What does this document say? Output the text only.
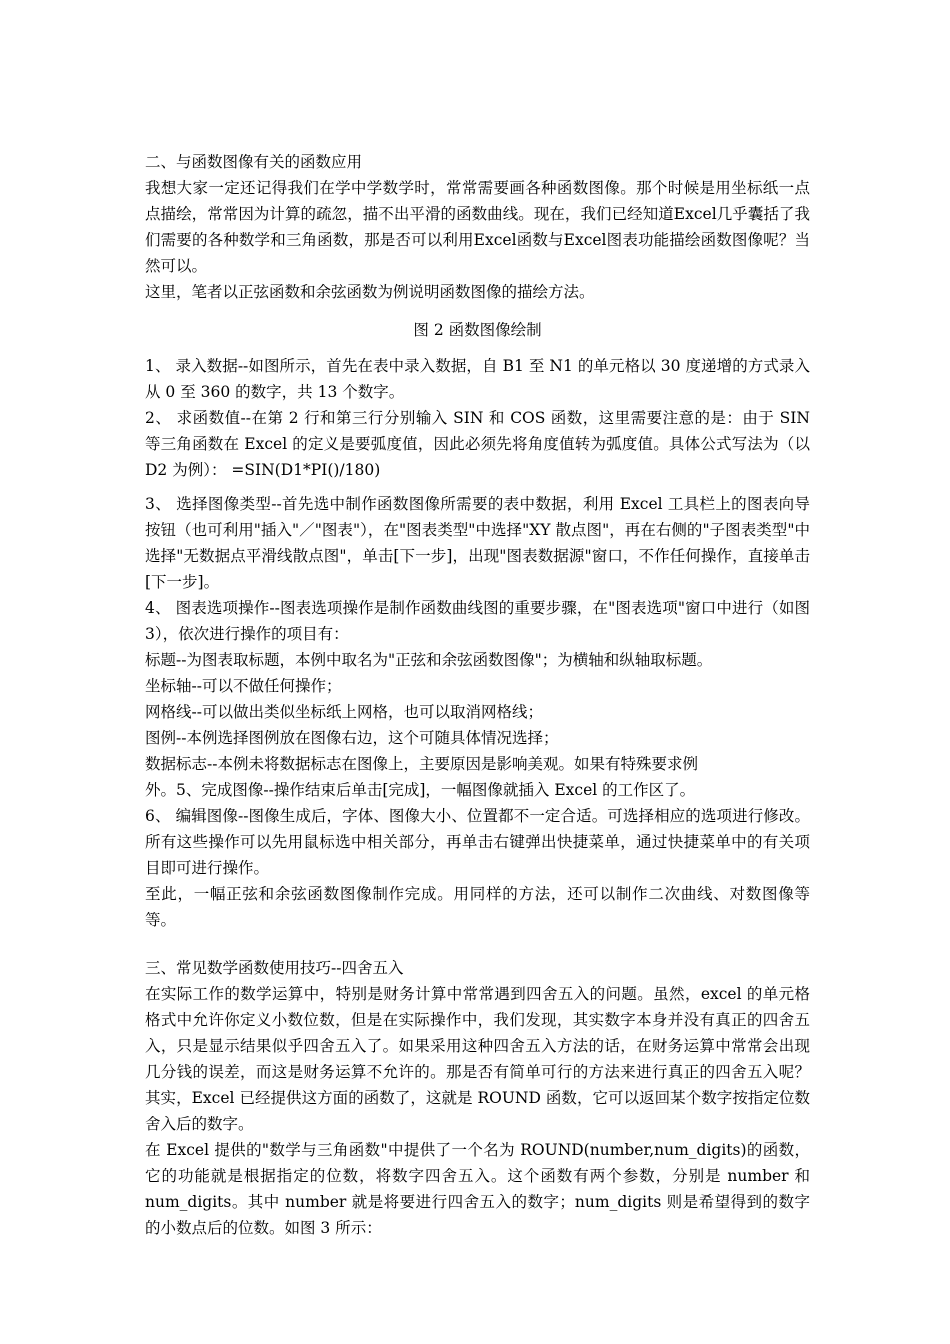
二、与函数图像有关的函数应用

我想大家一定还记得我们在学中学数学时，常常需要画各种函数图像。那个时候是用坐标纸一点点描绘，常常因为计算的疏忽，描不出平滑的函数曲线。现在，我们已经知道Excel几乎囊括了我们需要的各种数学和三角函数，那是否可以利用Excel函数与Excel图表功能描绘函数图像呢？当然可以。

这里，笔者以正弦函数和余弦函数为例说明函数图像的描绘方法。

图 2 函数图像绘制

1、 录入数据--如图所示，首先在表中录入数据，自 B1 至 N1 的单元格以 30 度递增的方式录入从 0 至 360 的数字，共 13 个数字。

2、 求函数值--在第 2 行和第三行分别输入 SIN 和 COS 函数，这里需要注意的是：由于 SIN 等三角函数在 Excel 的定义是要弧度值，因此必须先将角度值转为弧度值。具体公式写法为（以 D2 为例）： =SIN(D1*PI()/180)

3、 选择图像类型--首先选中制作函数图像所需要的表中数据，利用 Excel 工具栏上的图表向导按钮（也可利用"插入"／"图表"），在"图表类型"中选择"XY 散点图"，再在右侧的"子图表类型"中选择"无数据点平滑线散点图"，单击[下一步]，出现"图表数据源"窗口，不作任何操作，直接单击[下一步]。

4、 图表选项操作--图表选项操作是制作函数曲线图的重要步骤，在"图表选项"窗口中进行（如图 3），依次进行操作的项目有：

标题--为图表取标题，本例中取名为"正弦和余弦函数图像"；为横轴和纵轴取标题。

坐标轴--可以不做任何操作；

网格线--可以做出类似坐标纸上网格，也可以取消网格线；

图例--本例选择图例放在图像右边，这个可随具体情况选择；

数据标志--本例未将数据标志在图像上，主要原因是影响美观。如果有特殊要求例

外。5、完成图像--操作结束后单击[完成]，一幅图像就插入 Excel 的工作区了。

6、 编辑图像--图像生成后，字体、图像大小、位置都不一定合适。可选择相应的选项进行修改。所有这些操作可以先用鼠标选中相关部分，再单击右键弹出快捷菜单，通过快捷菜单中的有关项目即可进行操作。

至此，一幅正弦和余弦函数图像制作完成。用同样的方法，还可以制作二次曲线、对数图像等等。

三、常见数学函数使用技巧--四舍五入

在实际工作的数学运算中，特别是财务计算中常常遇到四舍五入的问题。虽然，excel 的单元格格式中允许你定义小数位数，但是在实际操作中，我们发现，其实数字本身并没有真正的四舍五入，只是显示结果似乎四舍五入了。如果采用这种四舍五入方法的话，在财务运算中常常会出现几分钱的误差，而这是财务运算不允许的。那是否有简单可行的方法来进行真正的四舍五入呢？其实，Excel 已经提供这方面的函数了，这就是 ROUND 函数，它可以返回某个数字按指定位数舍入后的数字。

在 Excel 提供的"数学与三角函数"中提供了一个名为 ROUND(number,num_digits)的函数，它的功能就是根据指定的位数，将数字四舍五入。这个函数有两个参数，分别是 number 和 num_digits。其中 number 就是将要进行四舍五入的数字；num_digits 则是希望得到的数字的小数点后的位数。如图 3 所示：
